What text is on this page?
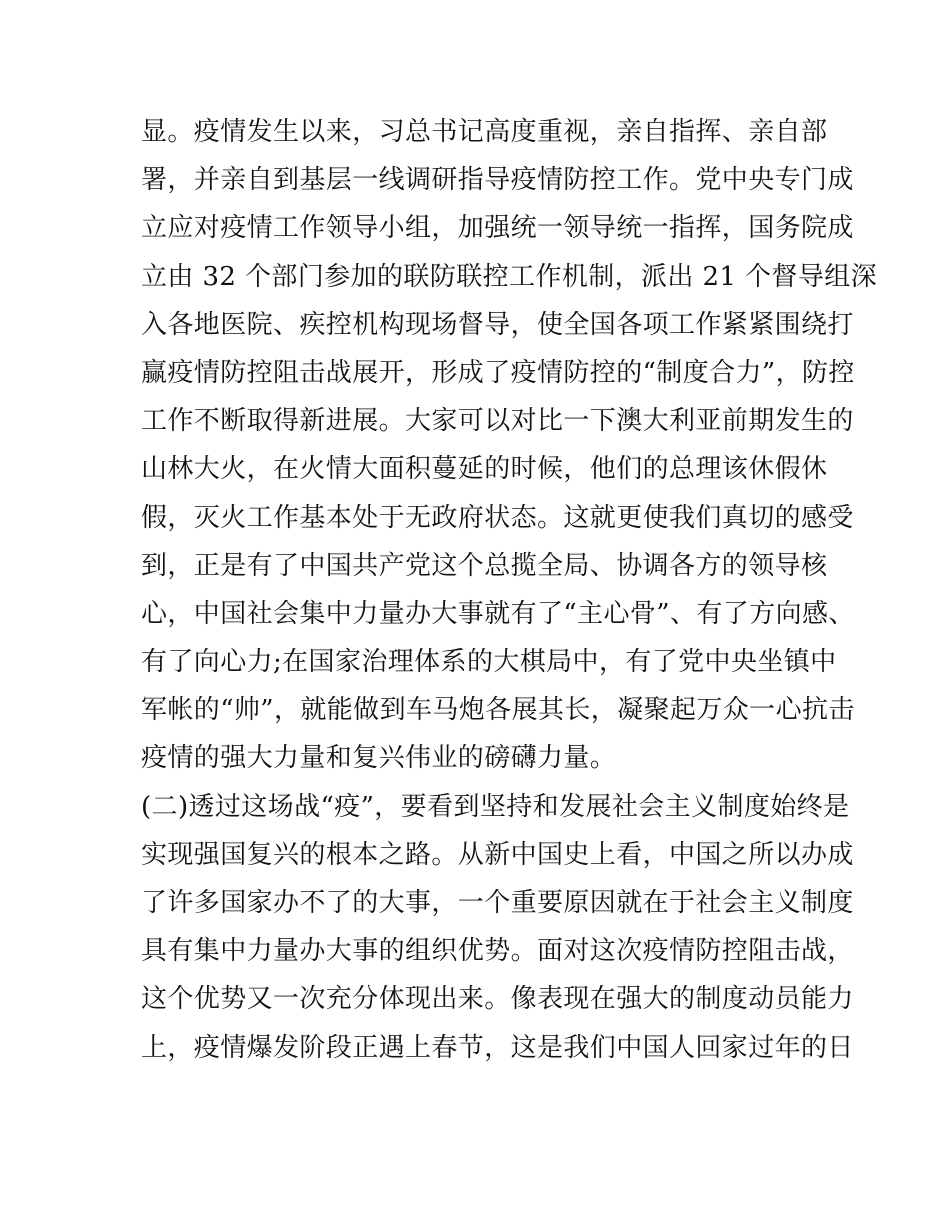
显。疫情发生以来，习总书记高度重视，亲自指挥、亲自部
署，并亲自到基层一线调研指导疫情防控工作。党中央专门成
立应对疫情工作领导小组，加强统一领导统一指挥，国务院成
立由 32 个部门参加的联防联控工作机制，派出 21 个督导组深
入各地医院、疾控机构现场督导，使全国各项工作紧紧围绕打
赢疫情防控阻击战展开，形成了疫情防控的“制度合力”，防控
工作不断取得新进展。大家可以对比一下澳大利亚前期发生的
山林大火，在火情大面积蔓延的时候，他们的总理该休假休
假，灭火工作基本处于无政府状态。这就更使我们真切的感受
到，正是有了中国共产党这个总揽全局、协调各方的领导核
心，中国社会集中力量办大事就有了“主心骨”、有了方向感、
有了向心力;在国家治理体系的大棋局中，有了党中央坐镇中
军帐的“帅”，就能做到车马炮各展其长，凝聚起万众一心抗击
疫情的强大力量和复兴伟业的磅礴力量。
(二)透过这场战“疫”，要看到坚持和发展社会主义制度始终是
实现强国复兴的根本之路。从新中国史上看，中国之所以办成
了许多国家办不了的大事，一个重要原因就在于社会主义制度
具有集中力量办大事的组织优势。面对这次疫情防控阻击战，
这个优势又一次充分体现出来。像表现在强大的制度动员能力
上，疫情爆发阶段正遇上春节，这是我们中国人回家过年的日
